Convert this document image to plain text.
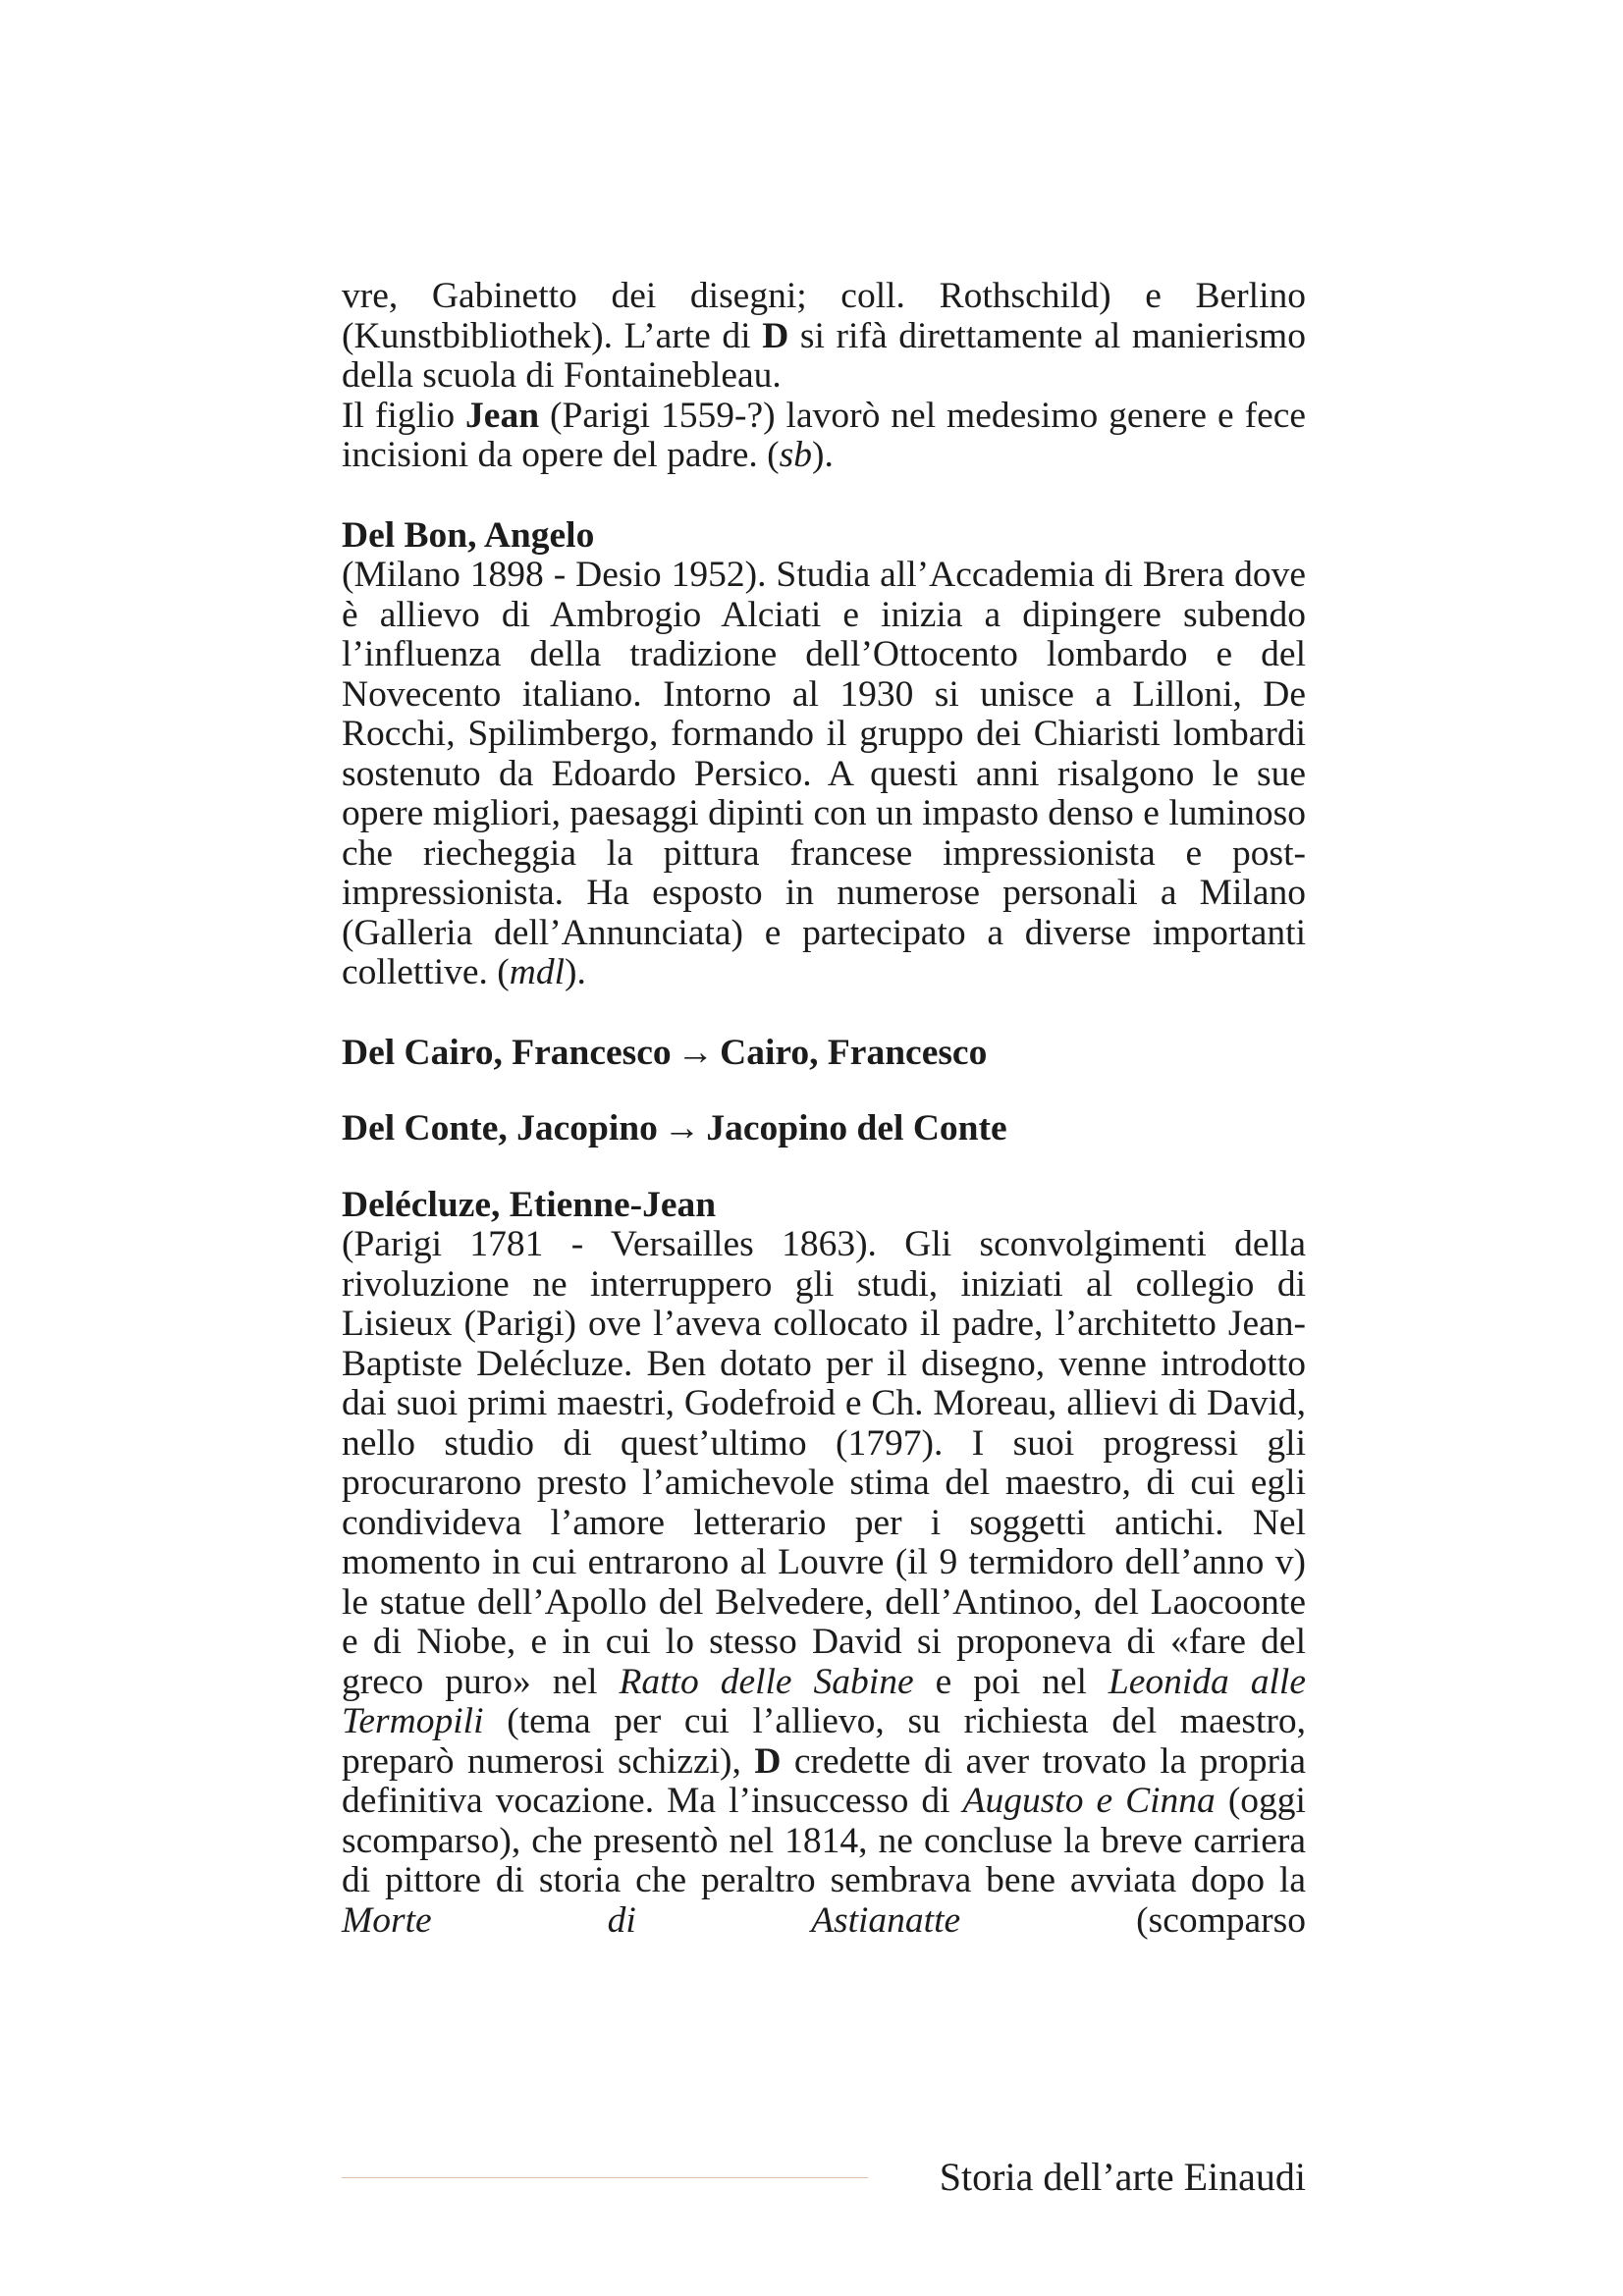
vre, Gabinetto dei disegni; coll. Rothschild) e Berlino (Kunstbibliothek). L’arte di D si rifà direttamente al manierismo della scuola di Fontainebleau.

Il figlio Jean (Parigi 1559-?) lavorò nel medesimo genere e fece incisioni da opere del padre. (sb).

Del Bon, Angelo

(Milano 1898 - Desio 1952). Studia all’Accademia di Brera dove è allievo di Ambrogio Alciati e inizia a dipingere subendo l’influenza della tradizione dell’Ottocento lombardo e del Novecento italiano. Intorno al 1930 si unisce a Lilloni, De Rocchi, Spilimbergo, formando il gruppo dei Chiaristi lombardi sostenuto da Edoardo Persico. A questi anni risalgono le sue opere migliori, paesaggi dipinti con un impasto denso e luminoso che riecheggia la pittura francese impressionista e post-impressionista. Ha esposto in numerose personali a Milano (Galleria dell’Annunciata) e partecipato a diverse importanti collettive. (mdl).

Del Cairo, Francesco → Cairo, Francesco

Del Conte, Jacopino → Jacopino del Conte

Delécluze, Etienne-Jean

(Parigi 1781 - Versailles 1863). Gli sconvolgimenti della rivoluzione ne interruppero gli studi, iniziati al collegio di Lisieux (Parigi) ove l’aveva collocato il padre, l’architetto Jean-Baptiste Delécluze. Ben dotato per il disegno, venne introdotto dai suoi primi maestri, Godefroid e Ch. Moreau, allievi di David, nello studio di quest’ultimo (1797). I suoi progressi gli procurarono presto l’amichevole stima del maestro, di cui egli condivideva l’amore letterario per i soggetti antichi. Nel momento in cui entrarono al Louvre (il 9 termidoro dell’anno v) le statue dell’Apollo del Belvedere, dell’Antinoo, del Laocoonte e di Niobe, e in cui lo stesso David si proponeva di «fare del greco puro» nel Ratto delle Sabine e poi nel Leonida alle Termopili (tema per cui l’allievo, su richiesta del maestro, preparò numerosi schizzi), D credette di aver trovato la propria definitiva vocazione. Ma l’insuccesso di Augusto e Cinna (oggi scomparso), che presentò nel 1814, ne concluse la breve carriera di pittore di storia che peraltro sembrava bene avviata dopo la Morte di Astianatte (scomparso

Storia dell’arte Einaudi
